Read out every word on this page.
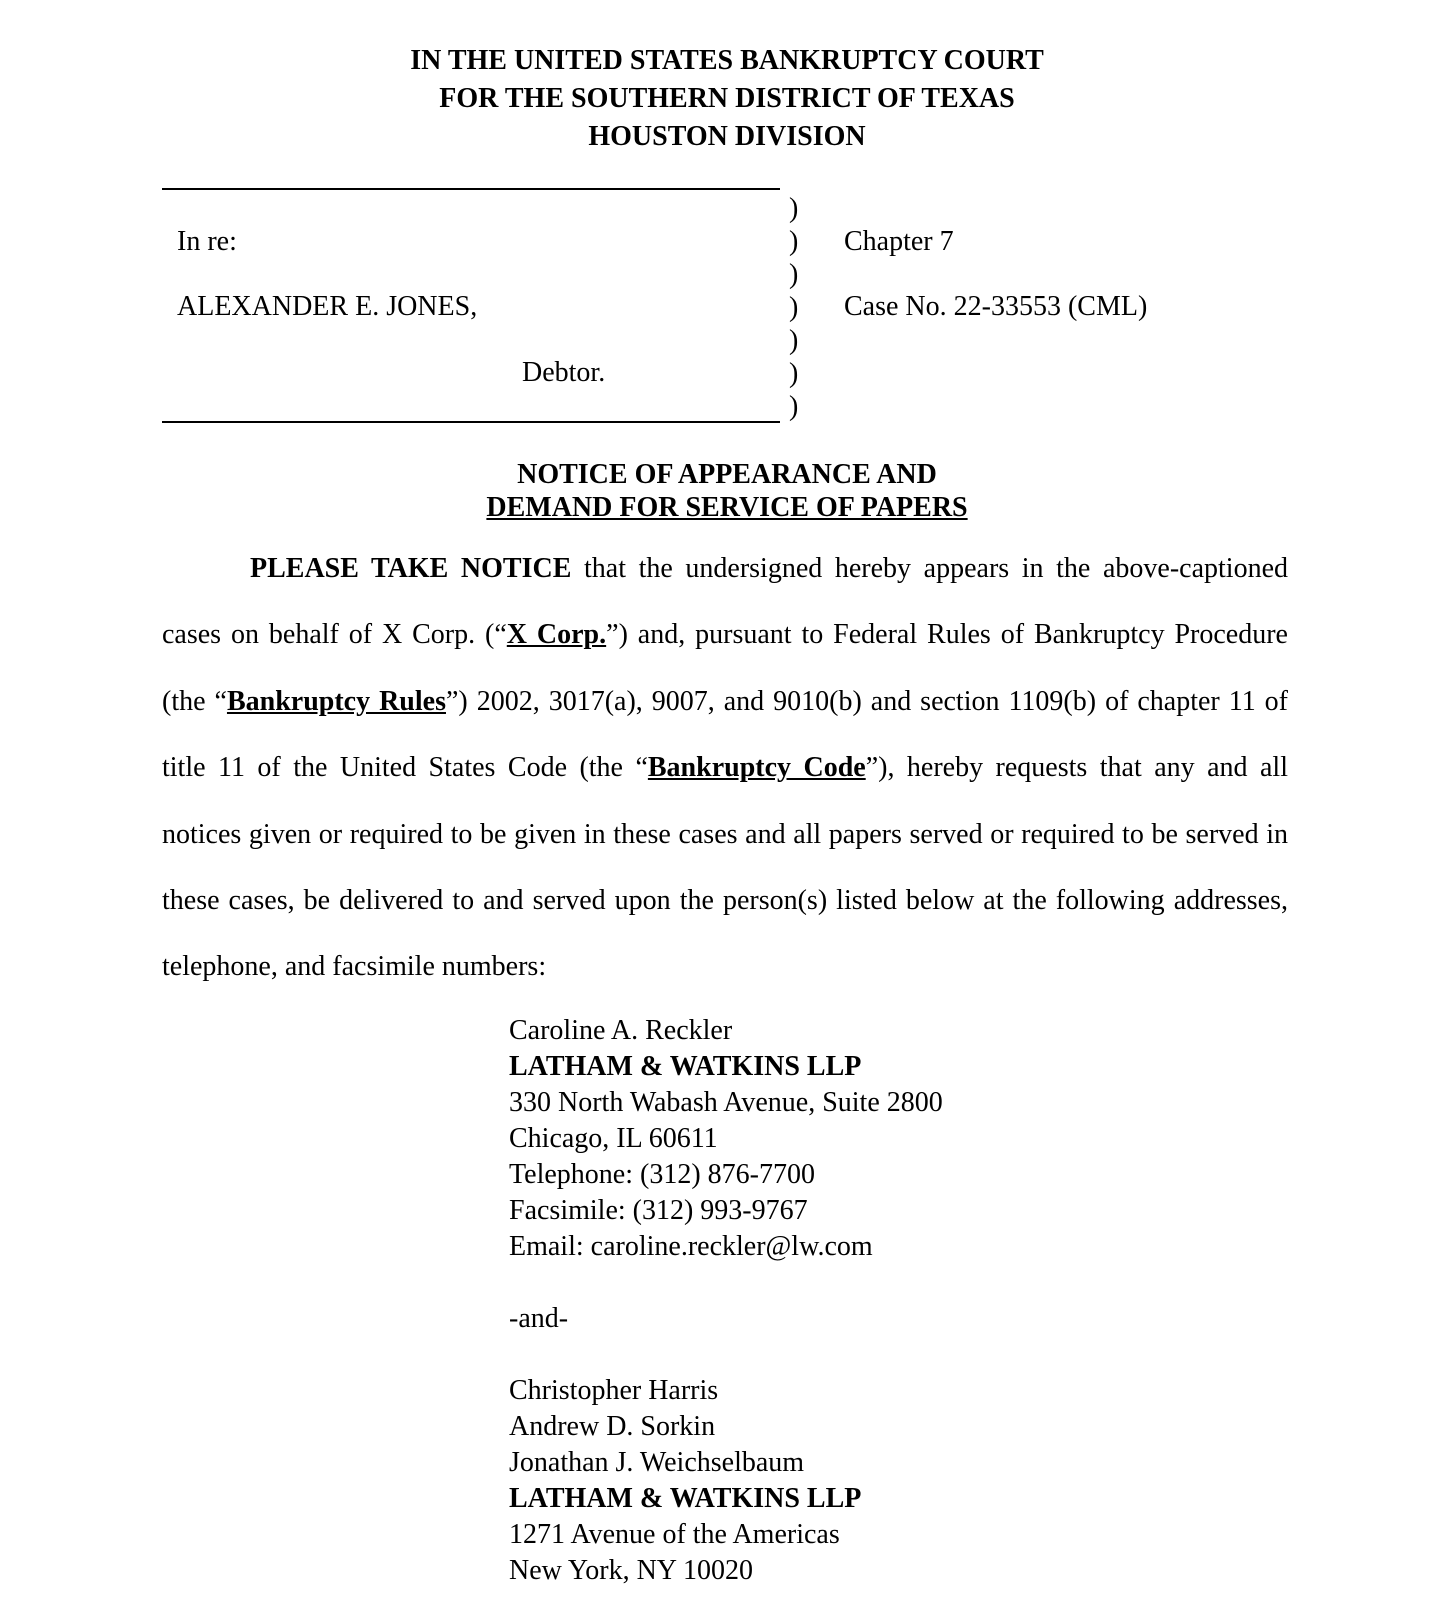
IN THE UNITED STATES BANKRUPTCY COURT
FOR THE SOUTHERN DISTRICT OF TEXAS
HOUSTON DIVISION
In re:
ALEXANDER E. JONES,
Debtor.
)
)
)
)
)
)
)
Chapter 7
Case No. 22-33553 (CML)
NOTICE OF APPEARANCE AND
DEMAND FOR SERVICE OF PAPERS

PLEASE TAKE NOTICE that the undersigned hereby appears in the above-captioned cases on behalf of X Corp. (“X Corp.”) and, pursuant to Federal Rules of Bankruptcy Procedure (the “Bankruptcy Rules”) 2002, 3017(a), 9007, and 9010(b) and section 1109(b) of chapter 11 of title 11 of the United States Code (the “Bankruptcy Code”), hereby requests that any and all notices given or required to be given in these cases and all papers served or required to be served in these cases, be delivered to and served upon the person(s) listed below at the following addresses, telephone, and facsimile numbers:

Caroline A. Reckler
LATHAM & WATKINS LLP
330 North Wabash Avenue, Suite 2800
Chicago, IL 60611
Telephone: (312) 876-7700
Facsimile: (312) 993-9767
Email: caroline.reckler@lw.com
-and-
Christopher Harris
Andrew D. Sorkin
Jonathan J. Weichselbaum
LATHAM & WATKINS LLP
1271 Avenue of the Americas
New York, NY 10020
